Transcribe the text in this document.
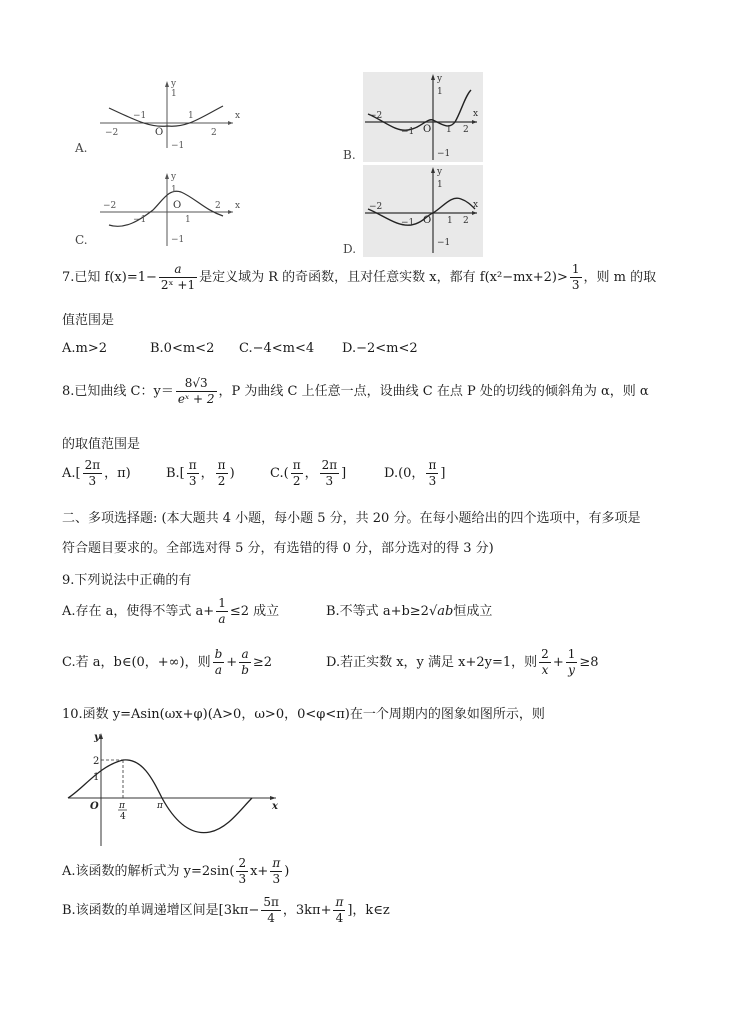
y
1
−1
x
−2
−1
O
1
2
A.
y
1
−1
x
−2
−1 O 1 2
B.
y
1
−1
x
−2
−1
O
1
2
C.
y
1
−1
x
−2
−1 O 1 2
D.
7.已知 $f(x)=1- \frac{a}{\text{2ˣ +1}}$ 是定义域为 R 的奇函数，且对任意实数 x，都有 $f(x^2-mx+2)> \frac{1}{3}$ ，则 m 的取
值范围是
A.m>2	B.0<m<2 C.−4<m<4 D.−2<m<2
8.已知曲线 C：$y= \frac{8√3}{\text{eˣ + 2}}$ ，P 为曲线 C 上任意一点，设曲线 C 在点 P 处的切线的倾斜角为 α，则 α
的取值范围是
$A.[ \frac{2\pi}{3}$ ，π)	$B.[ \frac{\pi}{3}$ ， $\frac{\pi}{2}$ )	$C.( \frac{\pi}{2}$ ， $\frac{2\pi}{3}$ ]	D.(0， $\frac{\pi}{3}$ ]
二、多项选择题: (本大题共 4 小题，每小题 5 分，共 20 分。在每小题给出的四个选项中，有多项是
符合题目要求的。全部选对得 5 分，有选错的得 0 分，部分选对的得 3 分)
9.下列说法中正确的有
A.存在 a，使得不等式 $a+ \frac{1}{a} \le 2$ 成立	B.不等式 a+b≥2√ab恒成立
C.若 a，b∈(0，+∞)，则 $\frac{b}{a} + \frac{a}{b} \ge 2$	D.若正实数 x，y 满足 x+2y=1，则 $\frac{2}{x} + \frac{1}{y} \ge 8$
10.函数 y=Asin(ωx+φ)(A>0，ω>0，0<φ<π)在一个周期内的图象如图所示，则
y
2
1
O π
4
π	x
A.该函数的解析式为 $y=2\sin( \frac{2}{3} x+ \frac{\pi}{3}$ )
B.该函数的单调递增区间是[$3k\pi- \frac{5\pi}{4}$ ，$3k\pi+ \frac{\pi}{4}$ ]，k∈z
